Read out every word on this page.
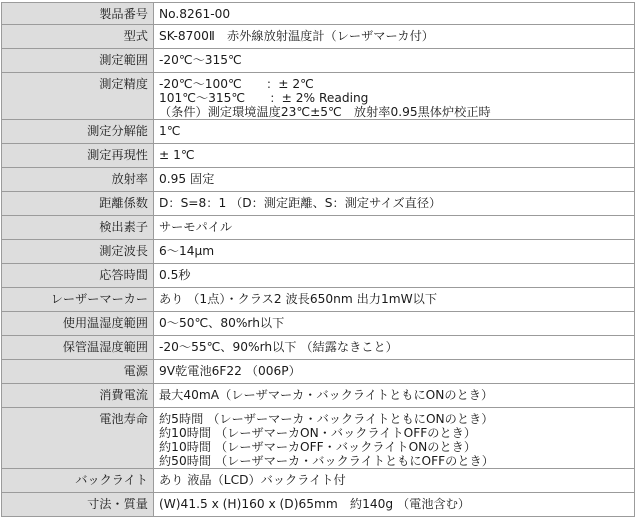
製品番号	No.8261-00

型式	SK-8700Ⅱ　赤外線放射温度計（レーザマーカ付）

測定範囲	-20℃～315℃

測定精度	-20℃～100℃　　：± 2℃
101℃～315℃　　：± 2% Reading
（条件）測定環境温度23℃±5℃　放射率0.95黒体炉校正時

測定分解能	1℃

測定再現性	± 1℃

放射率	0.95 固定

距離係数	D：S=8：1 （D：測定距離、S：測定サイズ直径）

検出素子	サーモパイル

測定波長	6～14μm

応答時間	0.5秒

レーザーマーカー	あり （1点）・クラス2 波長650nm 出力1mW以下

使用温湿度範囲	0～50℃、80%rh以下

保管温湿度範囲	-20～55℃、90%rh以下 （結露なきこと）

電源	9V乾電池6F22 （006P）

消費電流	最大40mA（レーザマーカ・バックライトともにONのとき）

電池寿命	約5時間 （レーザーマーカ・バックライトともにONのとき）
約10時間 （レーザマーカON・バックライトOFFのとき）
約10時間 （レーザマーカOFF・バックライトONのとき）
約50時間 （レーザマーカ・バックライトともにOFFのとき）

バックライト	あり 液晶（LCD）バックライト付

寸法・質量	(W)41.5 x (H)160 x (D)65mm　約140g （電池含む）
